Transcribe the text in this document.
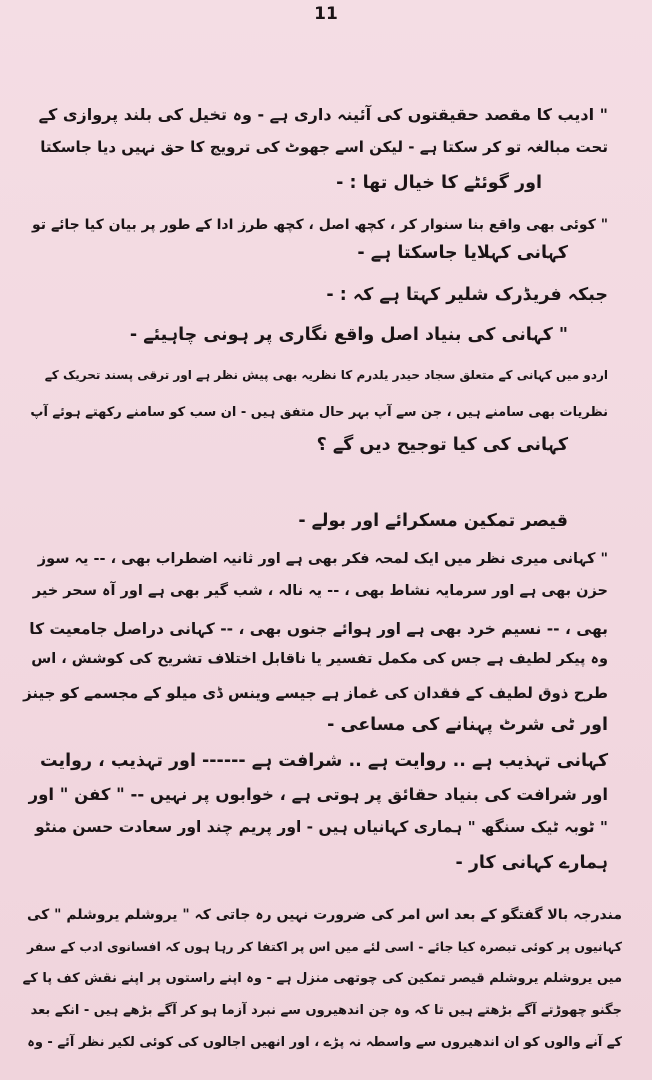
11
" ادیب کا مقصد حقیقتوں کی آئینہ داری ہے - وہ تخیل کی بلند پروازی کے
تحت مبالغہ تو کر سکتا ہے - لیکن اسے جھوٹ کی ترویج کا حق نہیں دیا جاسکتا
اور گوئٹے کا خیال تھا : -
" کوئی بھی واقع بنا سنوار کر ، کچھ اصل ، کچھ طرز ادا کے طور پر بیان کیا جائے تو
کہانی کہلایا جاسکتا ہے -
جبکہ فریڈرک شلیر کہتا ہے کہ : -
" کہانی کی بنیاد اصل واقع نگاری پر ہونی چاہیئے -
اردو میں کہانی کے متعلق سجاد حیدر یلدرم کا نظریہ بھی پیش نظر ہے اور ترقی پسند تحریک کے
نظریات بھی سامنے ہیں ، جن سے آپ بہر حال متفق ہیں - ان سب کو سامنے رکھتے ہوئے آپ
کہانی کی کیا توجیح دیں گے ؟
قیصر تمکین مسکرائے اور بولے -
" کہانی میری نظر میں ایک لمحہ فکر بھی ہے اور ثانیہ اضطراب بھی ، -- یہ سوز
حزن بھی ہے اور سرمایہ نشاط بھی ، -- یہ نالہ ، شب گیر بھی ہے اور آہ سحر خیر
بھی ، -- نسیم خرد بھی ہے اور ہوائے جنوں بھی ، -- کہانی دراصل جامعیت کا
وہ پیکر لطیف ہے جس کی مکمل تفسیر یا ناقابل اختلاف تشریح کی کوشش ، اس
طرح ذوق لطیف کے فقدان کی غماز ہے جیسے وینس ڈی میلو کے مجسمے کو جینز
اور ٹی شرٹ پہنانے کی مساعی -
کہانی تہذیب ہے .. روایت ہے .. شرافت ہے ------ اور تہذیب ، روایت
اور شرافت کی بنیاد حقائق پر ہوتی ہے ، خوابوں پر نہیں -- " کفن " اور
" ٹوبہ ٹیک سنگھ " ہماری کہانیاں ہیں - اور پریم چند اور سعادت حسن منٹو
ہمارے کہانی کار -
مندرجہ بالا گفتگو کے بعد اس امر کی ضرورت نہیں رہ جاتی کہ " یروشلم یروشلم " کی
کہانیوں پر کوئی تبصرہ کیا جائے - اسی لئے میں اس پر اکتفا کر رہا ہوں کہ افسانوی ادب کے سفر
میں یروشلم یروشلم قیصر تمکین کی چوتھی منزل ہے - وہ اپنے راستوں پر اپنے نقش کف پا کے
جگنو چھوڑتے آگے بڑھتے ہیں تا کہ وہ جن اندھیروں سے نبرد آزما ہو کر آگے بڑھے ہیں - انکے بعد
کے آنے والوں کو ان اندھیروں سے واسطہ نہ پڑے ، اور انھیں اجالوں کی کوئی لکیر نظر آئے - وہ
